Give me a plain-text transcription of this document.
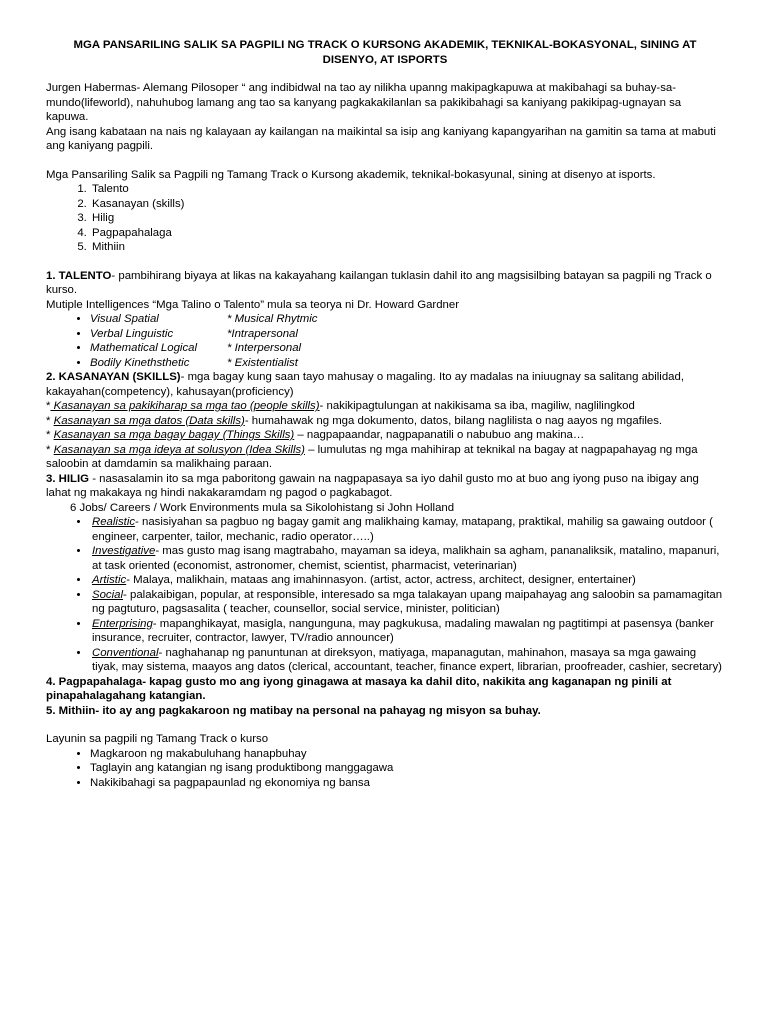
MGA PANSARILING SALIK SA PAGPILI NG TRACK O KURSONG AKADEMIK, TEKNIKAL-BOKASYONAL, SINING AT DISENYO, AT ISPORTS

Jurgen Habermas- Alemang Pilosoper “ ang indibidwal na tao ay nilikha upanng makipagkapuwa at makibahagi sa buhay-sa-mundo(lifeworld), nahuhubog lamang ang tao sa kanyang pagkakakilanlan sa pakikibahagi sa kaniyang pakikipag-ugnayan sa kapuwa.

Ang isang kabataan na nais ng kalayaan ay kailangan na maikintal sa isip ang kaniyang kapangyarihan na gamitin sa tama at mabuti ang kaniyang pagpili.

Mga Pansariling Salik sa Pagpili ng Tamang Track o Kursong akademik, teknikal-bokasyunal, sining at disenyo at isports.

1. Talento
2. Kasanayan (skills)
3. Hilig
4. Pagpapahalaga
5. Mithiin

1. TALENTO- pambihirang biyaya at likas na kakayahang kailangan tuklasin dahil ito ang magsisilbing batayan sa pagpili ng Track o kurso.

Mutiple Intelligences “Mga Talino o Talento” mula sa teorya ni Dr. Howard Gardner

• Visual Spatial	* Musical Rhytmic
• Verbal Linguistic	*Intrapersonal
• Mathematical Logical	* Interpersonal
• Bodily Kinethsthetic	* Existentialist

2. KASANAYAN (SKILLS)- mga bagay kung saan tayo mahusay o magaling. Ito ay madalas na iniuugnay sa salitang abilidad, kakayahan(competency), kahusayan(proficiency)

* Kasanayan sa pakikiharap sa mga tao (people skills)- nakikipagtulungan at nakikisama sa iba, magiliw, naglilingkod

* Kasanayan sa mga datos (Data skills)- humahawak ng mga dokumento, datos, bilang naglilista o nag aayos ng mgafiles.

* Kasanayan sa mga bagay bagay (Things Skills) – nagpapaandar, nagpapanatili o nabubuo ang makina…

* Kasanayan sa mga ideya at solusyon (Idea Skills) – lumulutas ng mga mahihirap at teknikal na bagay at nagpapahayag ng mga saloobin at damdamin sa malikhaing paraan.

3. HILIG - nasasalamin ito sa mga paboritong gawain na nagpapasaya sa iyo dahil gusto mo at buo ang iyong puso na ibigay ang lahat ng makakaya ng hindi nakakaramdam ng pagod o pagkabagot.

6 Jobs/ Careers / Work Environments mula sa Sikolohistang si John Holland

• Realistic- nasisiyahan sa pagbuo ng bagay gamit ang malikhaing kamay, matapang, praktikal, mahilig sa gawaing outdoor ( engineer, carpenter, tailor, mechanic, radio operator…..)
• Investigative- mas gusto mag isang magtrabaho, mayaman sa ideya, malikhain sa agham, pananaliksik, matalino, mapanuri, at task oriented (economist, astronomer, chemist, scientist, pharmacist, veterinarian)
• Artistic- Malaya, malikhain, mataas ang imahinnasyon. (artist, actor, actress, architect, designer, entertainer)
• Social- palakaibigan, popular, at responsible, interesado sa mga talakayan upang maipahayag ang saloobin sa pamamagitan ng pagtuturo, pagsasalita ( teacher, counsellor, social service, minister, politician)
• Enterprising- mapanghikayat, masigla, nangunguna, may pagkukusa, madaling mawalan ng pagtitimpi at pasensya (banker insurance, recruiter, contractor, lawyer, TV/radio announcer)
• Conventional- naghahanap ng panuntunan at direksyon, matiyaga, mapanagutan, mahinahon, masaya sa mga gawaing tiyak, may sistema, maayos ang datos (clerical, accountant, teacher, finance expert, librarian, proofreader, cashier, secretary)

4. Pagpapahalaga- kapag gusto mo ang iyong ginagawa at masaya ka dahil dito, nakikita ang kaganapan ng pinili at pinapahalagahang katangian.

5. Mithiin- ito ay ang pagkakaroon ng matibay na personal na pahayag ng misyon sa buhay.

Layunin sa pagpili ng Tamang Track o kurso

• Magkaroon ng makabuluhang hanapbuhay
• Taglayin ang katangian ng isang produktibong manggagawa
• Nakikibahagi sa pagpapaunlad ng ekonomiya ng bansa
